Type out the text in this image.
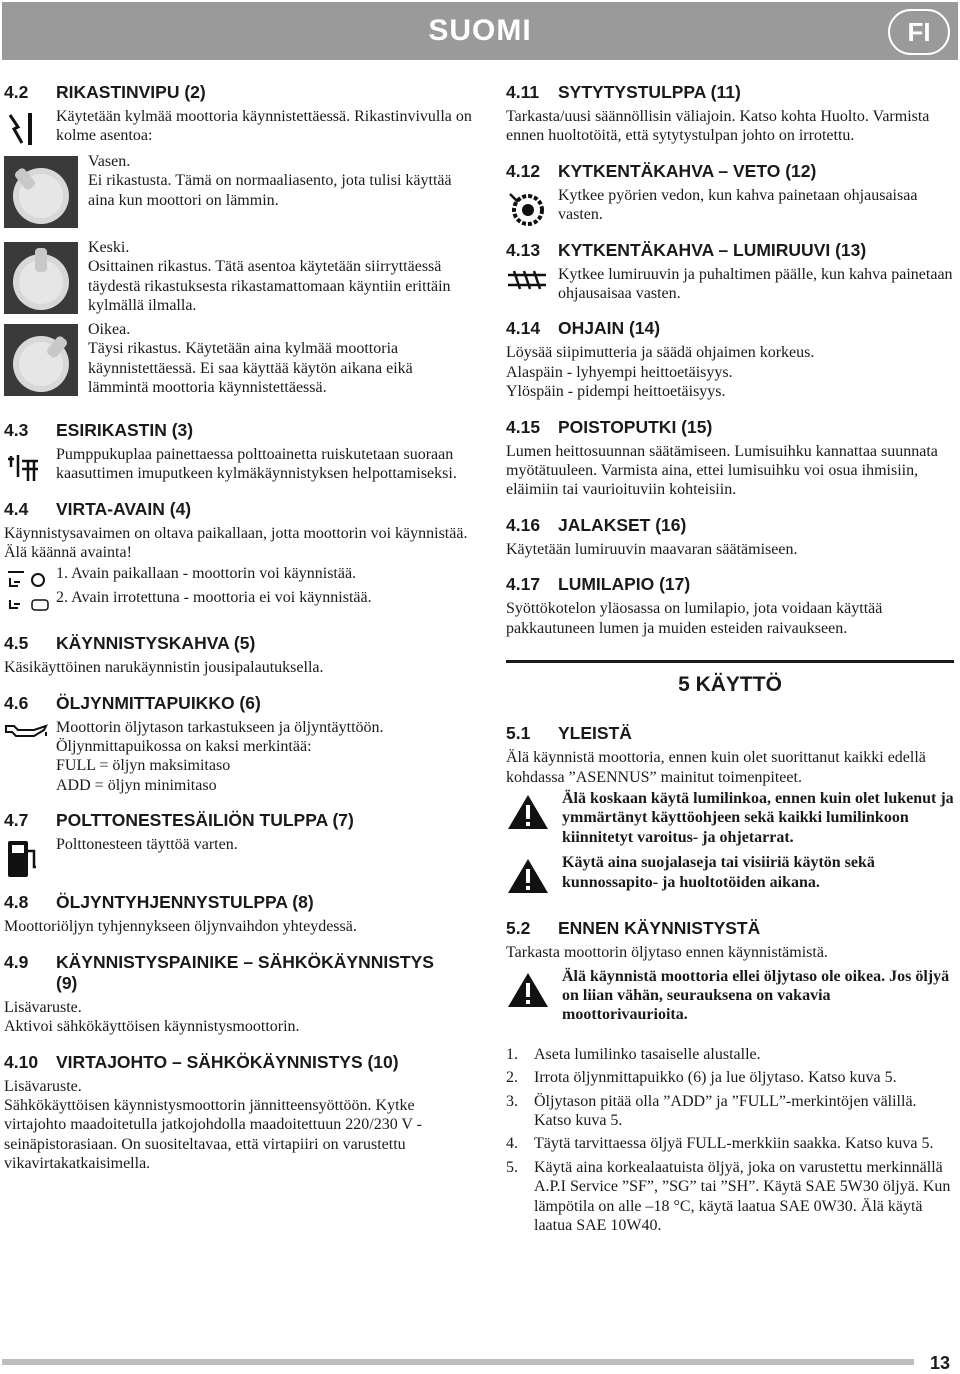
SUOMI	FI
4.2 RIKASTINVIPU (2)

Käytetään kylmää moottoria käynnistettäessä. Rikastinvivulla on kolme asentoa:

Vasen.

Ei rikastusta. Tämä on normaaliasento, jota tulisi käyttää aina kun moottori on lämmin.

Keski.

Osittainen rikastus. Tätä asentoa käytetään siirryttäessä täydestä rikastuksesta rikastamattomaan käyntiin erittäin kylmällä ilmalla.

Oikea.

Täysi rikastus. Käytetään aina kylmää moottoria käynnistettäessä. Ei saa käyttää käytön aikana eikä lämmintä moottoria käynnistettäessä.

4.3 ESIRIKASTIN (3)

Pumppukuplaa painettaessa polttoainetta ruiskutetaan suoraan kaasuttimen imuputkeen kylmäkäynnistyksen helpottamiseksi.

4.4 VIRTA-AVAIN (4)

Käynnistysavaimen on oltava paikallaan, jotta moottorin voi käynnistää. Älä käännä avainta!

1. Avain paikallaan - moottorin voi käynnistää.

2. Avain irrotettuna - moottoria ei voi käynnistää.

4.5 KÄYNNISTYSKAHVA (5)

Käsikäyttöinen narukäynnistin jousipalautuksella.

4.6 ÖLJYNMITTAPUIKKO (6)

Moottorin öljytason tarkastukseen ja öljyntäyttöön.

Öljynmittapuikossa on kaksi merkintää:

FULL = öljyn maksimitaso

ADD = öljyn minimitaso

4.7 POLTTONESTESÄILIÖN TULPPA (7)

Polttonesteen täyttöä varten.

4.8 ÖLJYNTYHJENNYSTULPPA (8)

Moottoriöljyn tyhjennykseen öljynvaihdon yhteydessä.

4.9 KÄYNNISTYSPAINIKE – SÄHKÖKÄYNNISTYS (9)

Lisävaruste.

Aktivoi sähkökäyttöisen käynnistysmoottorin.

4.10 VIRTAJOHTO – SÄHKÖKÄYNNISTYS (10)

Lisävaruste.

Sähkökäyttöisen käynnistysmoottorin jännitteensyöttöön. Kytke virtajohto maadoitetulla jatkojohdolla maadoitettuun 220/230 V -seinäpistorasiaan. On suositeltavaa, että virtapiiri on varustettu vikavirtakatkaisimella.

4.11 SYTYTYSTULPPA (11)

Tarkasta/uusi säännöllisin väliajoin. Katso kohta Huolto. Varmista ennen huoltotöitä, että sytytystulpan johto on irrotettu.

4.12 KYTKENTÄKAHVA – VETO (12)

Kytkee pyörien vedon, kun kahva painetaan ohjausaisaa vasten.

4.13 KYTKENTÄKAHVA – LUMIRUUVI (13)

Kytkee lumiruuvin ja puhaltimen päälle, kun kahva painetaan ohjausaisaa vasten.

4.14 OHJAIN (14)

Löysää siipimutteria ja säädä ohjaimen korkeus.

Alaspäin - lyhyempi heittoetäisyys.

Ylöspäin - pidempi heittoetäisyys.

4.15 POISTOPUTKI (15)

Lumen heittosuunnan säätämiseen. Lumisuihku kannattaa suunnata myötätuuleen. Varmista aina, ettei lumisuihku voi osua ihmisiin, eläimiin tai vaurioituviin kohteisiin.

4.16 JALAKSET (16)

Käytetään lumiruuvin maavaran säätämiseen.

4.17 LUMILAPIO (17)

Syöttökotelon yläosassa on lumilapio, jota voidaan käyttää pakkautuneen lumen ja muiden esteiden raivaukseen.

5 KÄYTTÖ
5.1 YLEISTÄ

Älä käynnistä moottoria, ennen kuin olet suorittanut kaikki edellä kohdassa ”ASENNUS” mainitut toimenpiteet.

Älä koskaan käytä lumilinkoa, ennen kuin olet lukenut ja ymmärtänyt käyttöohjeen sekä kaikki lumilinkoon kiinnitetyt varoitus- ja ohjetarrat.

Käytä aina suojalaseja tai visiiriä käytön sekä kunnossapito- ja huoltotöiden aikana.

5.2 ENNEN KÄYNNISTYSTÄ

Tarkasta moottorin öljytaso ennen käynnistämistä.

Älä käynnistä moottoria ellei öljytaso ole oikea. Jos öljyä on liian vähän, seurauksena on vakavia moottorivaurioita.

1. Aseta lumilinko tasaiselle alustalle.
2. Irrota öljynmittapuikko (6) ja lue öljytaso. Katso kuva 5.
3. Öljytason pitää olla ”ADD” ja ”FULL”-merkintöjen välillä. Katso kuva 5.
4. Täytä tarvittaessa öljyä FULL-merkkiin saakka. Katso kuva 5.
5. Käytä aina korkealaatuista öljyä, joka on varustettu merkinnällä A.P.I Service ”SF”, ”SG” tai ”SH”. Käytä SAE 5W30 öljyä. Kun lämpötila on alle –18 °C, käytä laatua SAE 0W30. Älä käytä laatua SAE 10W40.
13
